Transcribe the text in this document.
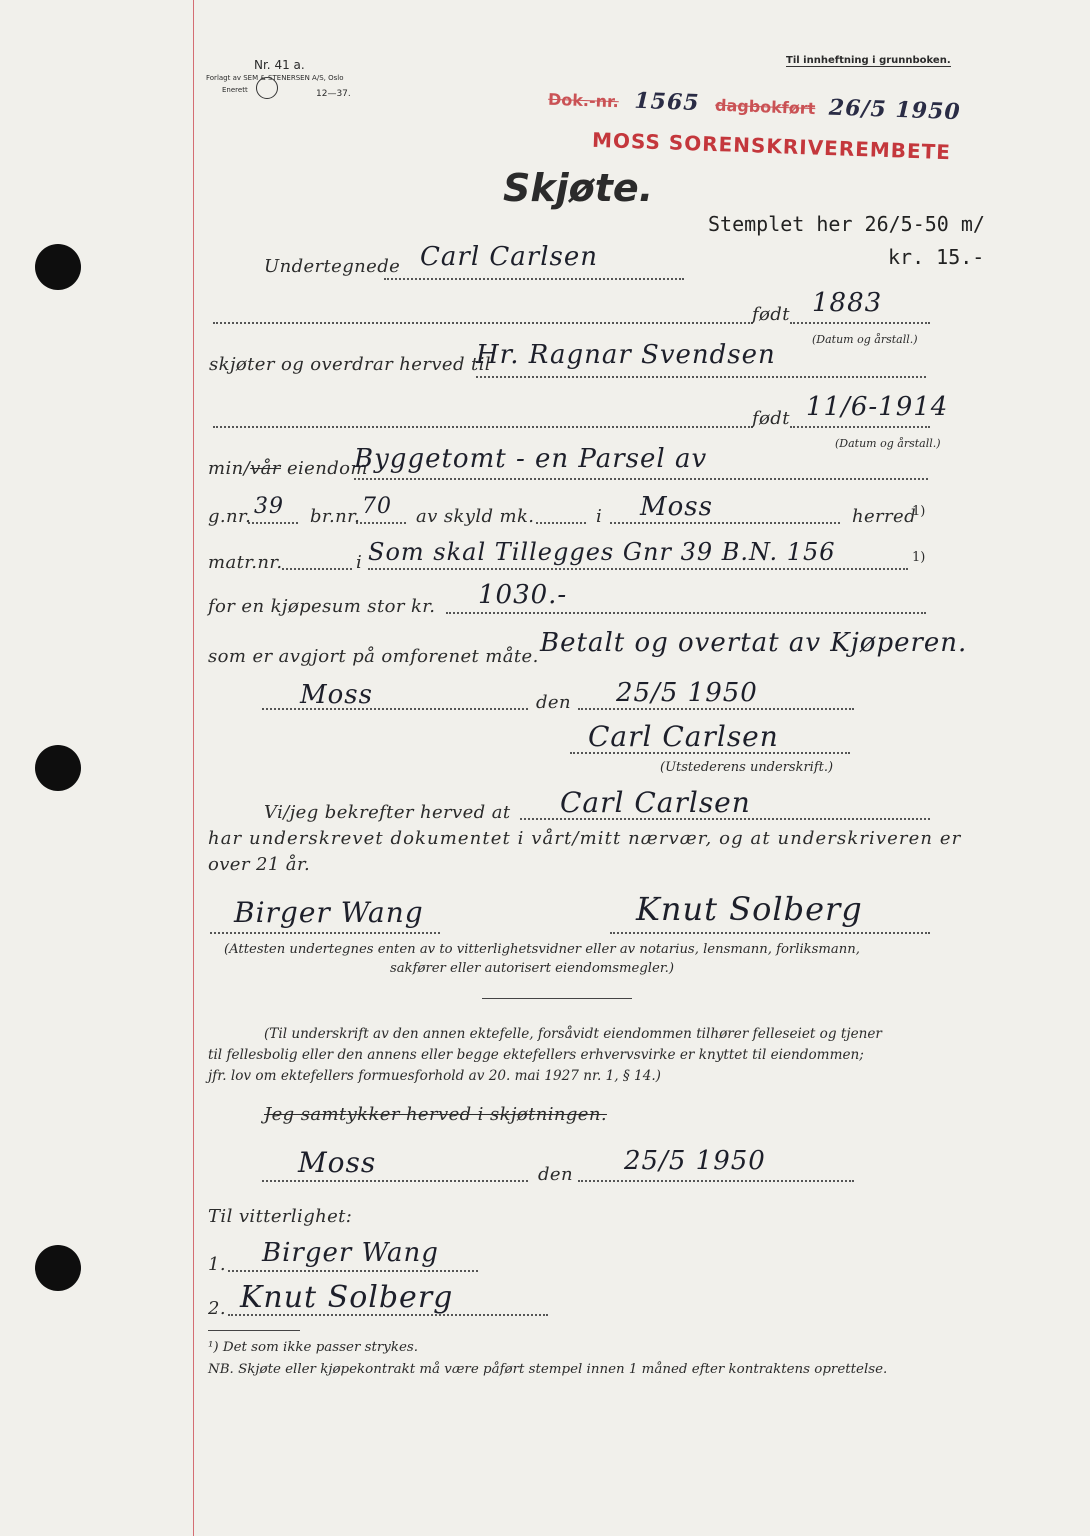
Nr. 41 a.
Forlagt av SEM & STENERSEN A/S, Oslo
Enerett	12—37.
Til innheftning i grunnboken.
Dok.-nr. 1565 dagbokført 26/5 1950
MOSS SORENSKRIVEREMBETE
Skjøte.
Stemplet her 26/5-50 m/
kr. 15.-
Undertegnede Carl Carlsen
født 1883
(Datum og årstall.)
skjøter og overdrar herved til
Hr. Ragnar Svendsen
født 11/6-1914
(Datum og årstall.)
min/vår eiendom
Byggetomt - en Parsel av
g.nr. 39 br.nr. 70 av skyld mk.	i Moss	herred
1)
matr.nr.	i Som skal Tillegges Gnr 39 B.N. 156	1)
for en kjøpesum stor kr. 1030.-
som er avgjort på omforenet måte. Betalt og overtat av Kjøperen.
Moss	den 25/5 1950
Carl Carlsen
(Utstederens underskrift.)
Vi/jeg bekrefter herved at Carl Carlsen
har underskrevet dokumentet i vårt/mitt nærvær, og at underskriveren er
over 21 år.
Birger Wang	Knut Solberg
(Attesten undertegnes enten av to vitterlighetsvidner eller av notarius, lensmann, forliksmann,
sakfører eller autorisert eiendomsmegler.)
(Til underskrift av den annen ektefelle, forsåvidt eiendommen tilhører felleseiet og tjener
til fellesbolig eller den annens eller begge ektefellers erhvervsvirke er knyttet til eiendommen;
jfr. lov om ektefellers formuesforhold av 20. mai 1927 nr. 1, § 14.)
Jeg samtykker herved i skjøtningen.
Moss	den 25/5 1950
Til vitterlighet:
1. Birger Wang
2. Knut Solberg
¹) Det som ikke passer strykes.
NB. Skjøte eller kjøpekontrakt må være påført stempel innen 1 måned efter kontraktens oprettelse.
